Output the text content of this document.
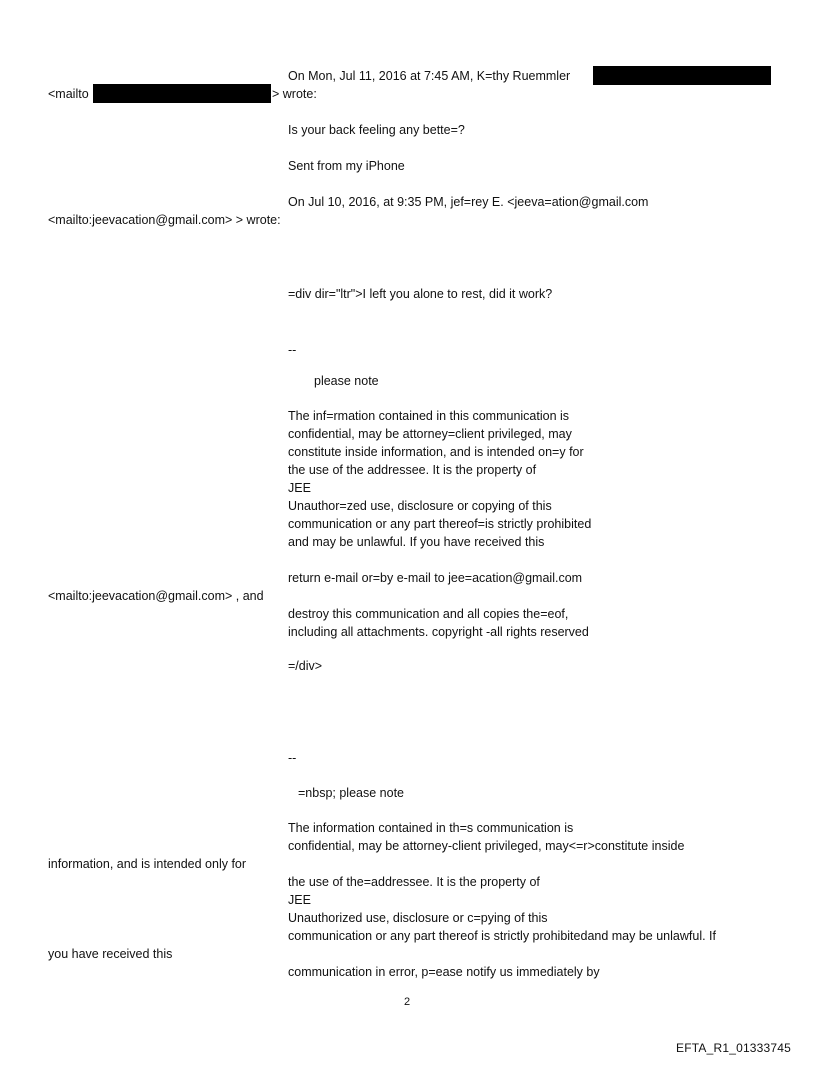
On Mon, Jul 11, 2016 at 7:45 AM, K=thy Ruemmler
<mailto	> wrote:
Is your back feeling any bette=?
Sent from my iPhone
On Jul 10, 2016, at 9:35 PM, jef=rey E. <jeeva=ation@gmail.com
<mailto:jeevacation@gmail.com> > wrote:
=div dir="ltr">I left you alone to rest, did it work?
--
please note
The inf=rmation contained in this communication is
confidential, may be attorney=client privileged, may
constitute inside information, and is intended on=y for
the use of the addressee. It is the property of
JEE
Unauthor=zed use, disclosure or copying of this
communication or any part thereof=is strictly prohibited
and may be unlawful. If you have received this
return e-mail or=by e-mail to jee=acation@gmail.com
<mailto:jeevacation@gmail.com> , and
destroy this communication and all copies the=eof,
including all attachments. copyright -all rights reserved
=/div>
--
=nbsp; please note
The information contained in th=s communication is
confidential, may be attorney-client privileged, may<=r>constitute inside
information, and is intended only for
the use of the=addressee. It is the property of
JEE
Unauthorized use, disclosure or c=pying of this
communication or any part thereof is strictly prohibitedand may be unlawful. If
you have received this
communication in error, p=ease notify us immediately by
2
EFTA_R1_01333745
